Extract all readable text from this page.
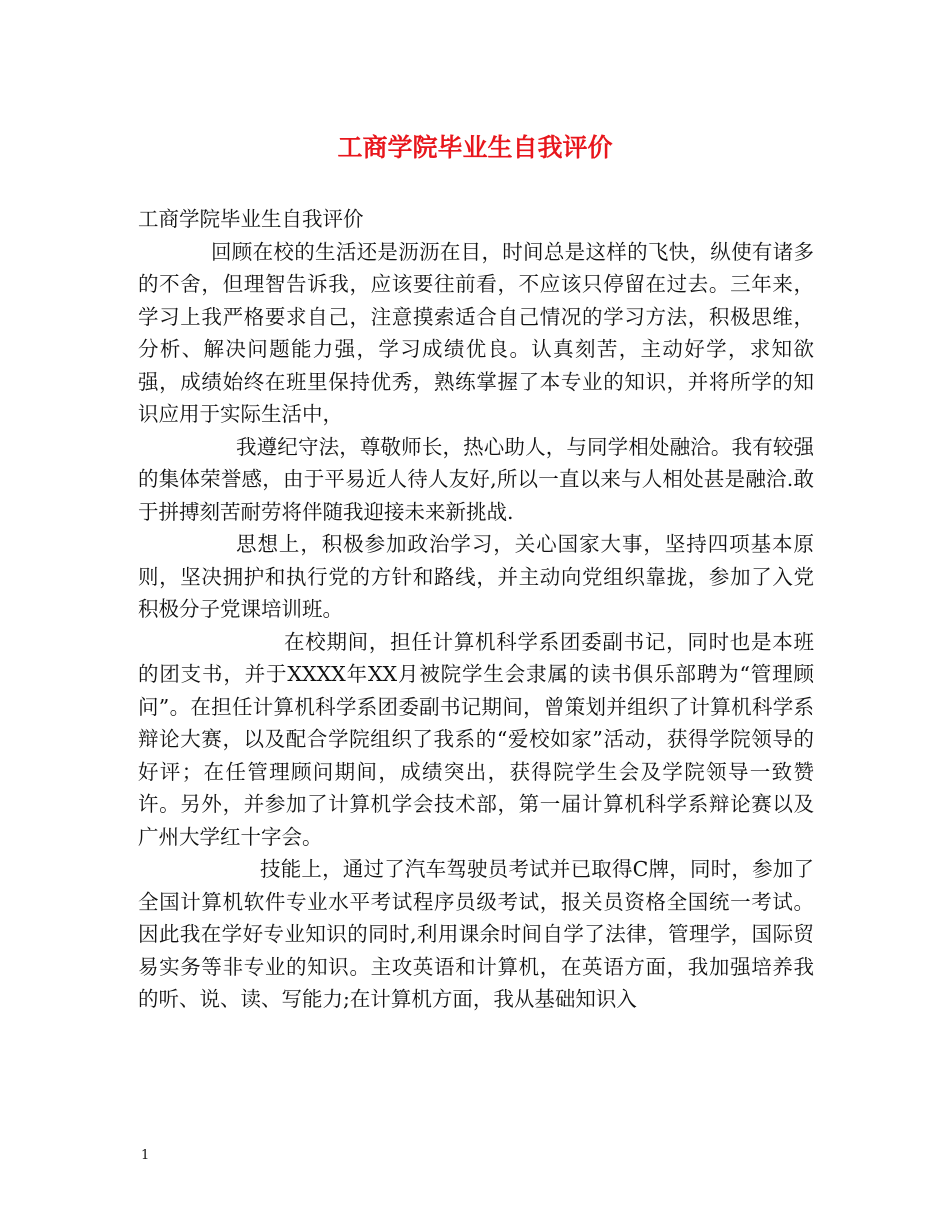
工商学院毕业生自我评价

工商学院毕业生自我评价

回顾在校的生活还是沥沥在目，时间总是这样的飞快，纵使有诸多的不舍，但理智告诉我，应该要往前看，不应该只停留在过去。三年来，学习上我严格要求自己，注意摸索适合自己情况的学习方法，积极思维，分析、解决问题能力强，学习成绩优良。认真刻苦，主动好学，求知欲强，成绩始终在班里保持优秀，熟练掌握了本专业的知识，并将所学的知识应用于实际生活中，

我遵纪守法，尊敬师长，热心助人，与同学相处融洽。我有较强的集体荣誉感，由于平易近人待人友好,所以一直以来与人相处甚是融洽.敢于拼搏刻苦耐劳将伴随我迎接未来新挑战.

思想上，积极参加政治学习，关心国家大事，坚持四项基本原则，坚决拥护和执行党的方针和路线，并主动向党组织靠拢，参加了入党积极分子党课培训班。

在校期间，担任计算机科学系团委副书记，同时也是本班的团支书，并于XXXX年XX月被院学生会隶属的读书俱乐部聘为“管理顾问”。在担任计算机科学系团委副书记期间，曾策划并组织了计算机科学系辩论大赛，以及配合学院组织了我系的“爱校如家”活动，获得学院领导的好评；在任管理顾问期间，成绩突出，获得院学生会及学院领导一致赞许。另外，并参加了计算机学会技术部，第一届计算机科学系辩论赛以及广州大学红十字会。

技能上，通过了汽车驾驶员考试并已取得C牌，同时，参加了全国计算机软件专业水平考试程序员级考试，报关员资格全国统一考试。因此我在学好专业知识的同时,利用课余时间自学了法律，管理学，国际贸易实务等非专业的知识。主攻英语和计算机，在英语方面，我加强培养我的听、说、读、写能力;在计算机方面，我从基础知识入

1
